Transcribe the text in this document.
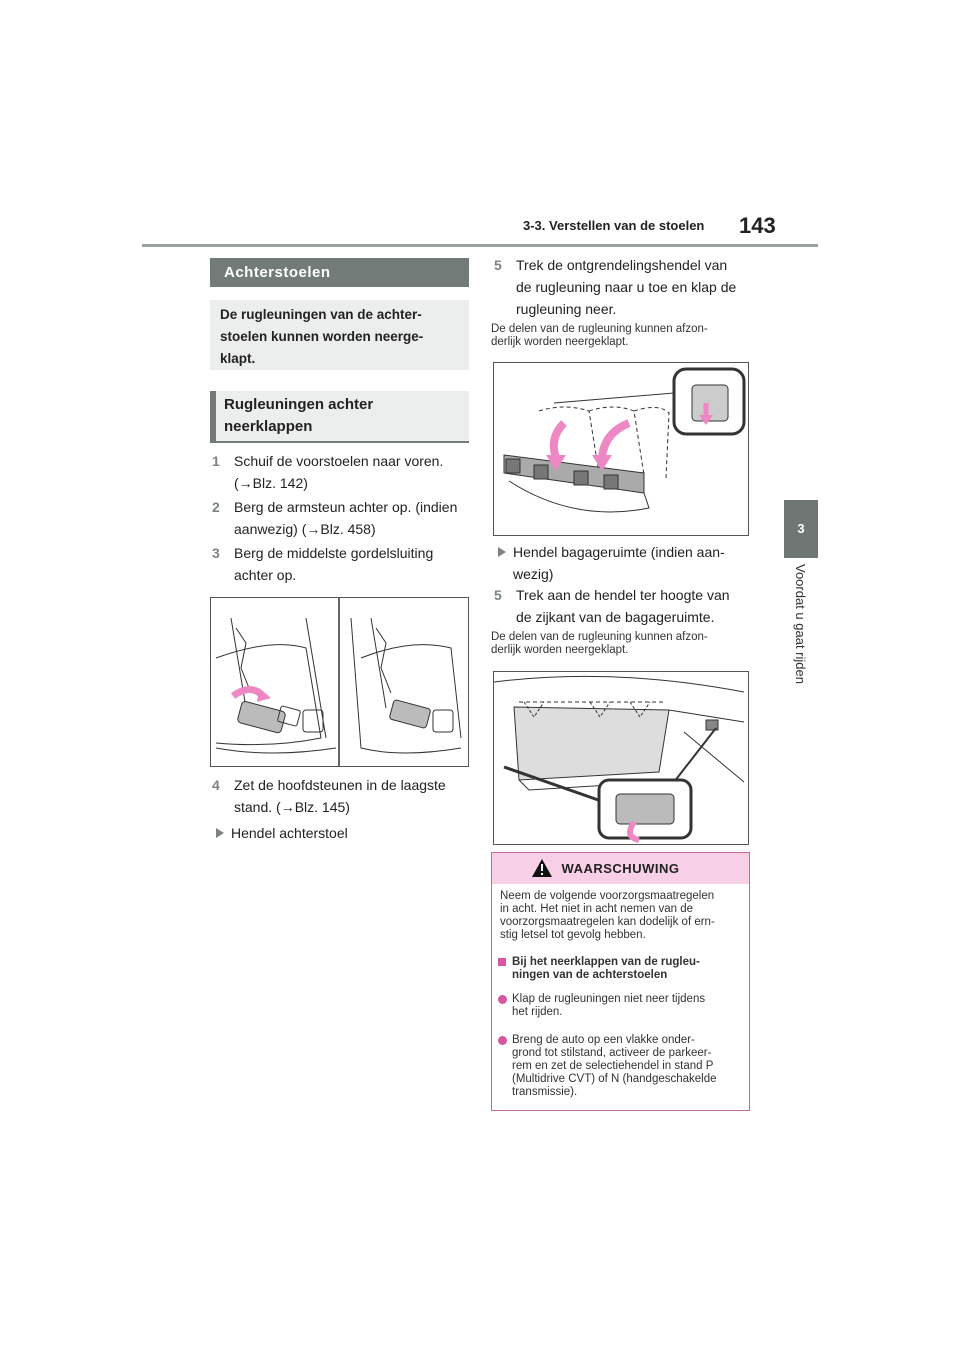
3-3. Verstellen van de stoelen 143
3
Voordat u gaat rijden
Achterstoelen
De rugleuningen van de achter-
stoelen kunnen worden neerge-
klapt.
Rugleuningen achter
neerklappen
1 Schuif de voorstoelen naar voren.
(→Blz. 142)
2 Berg de armsteun achter op. (indien
aanwezig) (→Blz. 458)
3 Berg de middelste gordelsluiting
achter op.
4 Zet de hoofdsteunen in de laagste
stand. (→Blz. 145)
Hendel achterstoel
5 Trek de ontgrendelingshendel van
de rugleuning naar u toe en klap de
rugleuning neer.
De delen van de rugleuning kunnen afzon-
derlijk worden neergeklapt.
Hendel bagageruimte (indien aan-
wezig)
5 Trek aan de hendel ter hoogte van
de zijkant van de bagageruimte.
De delen van de rugleuning kunnen afzon-
derlijk worden neergeklapt.
WAARSCHUWING
Neem de volgende voorzorgsmaatregelen
in acht. Het niet in acht nemen van de
voorzorgsmaatregelen kan dodelijk of ern-
stig letsel tot gevolg hebben.
Bij het neerklappen van de rugleu-
ningen van de achterstoelen
Klap de rugleuningen niet neer tijdens
het rijden.
Breng de auto op een vlakke onder-
grond tot stilstand, activeer de parkeer-
rem en zet de selectiehendel in stand P
(Multidrive CVT) of N (handgeschakelde
transmissie).
